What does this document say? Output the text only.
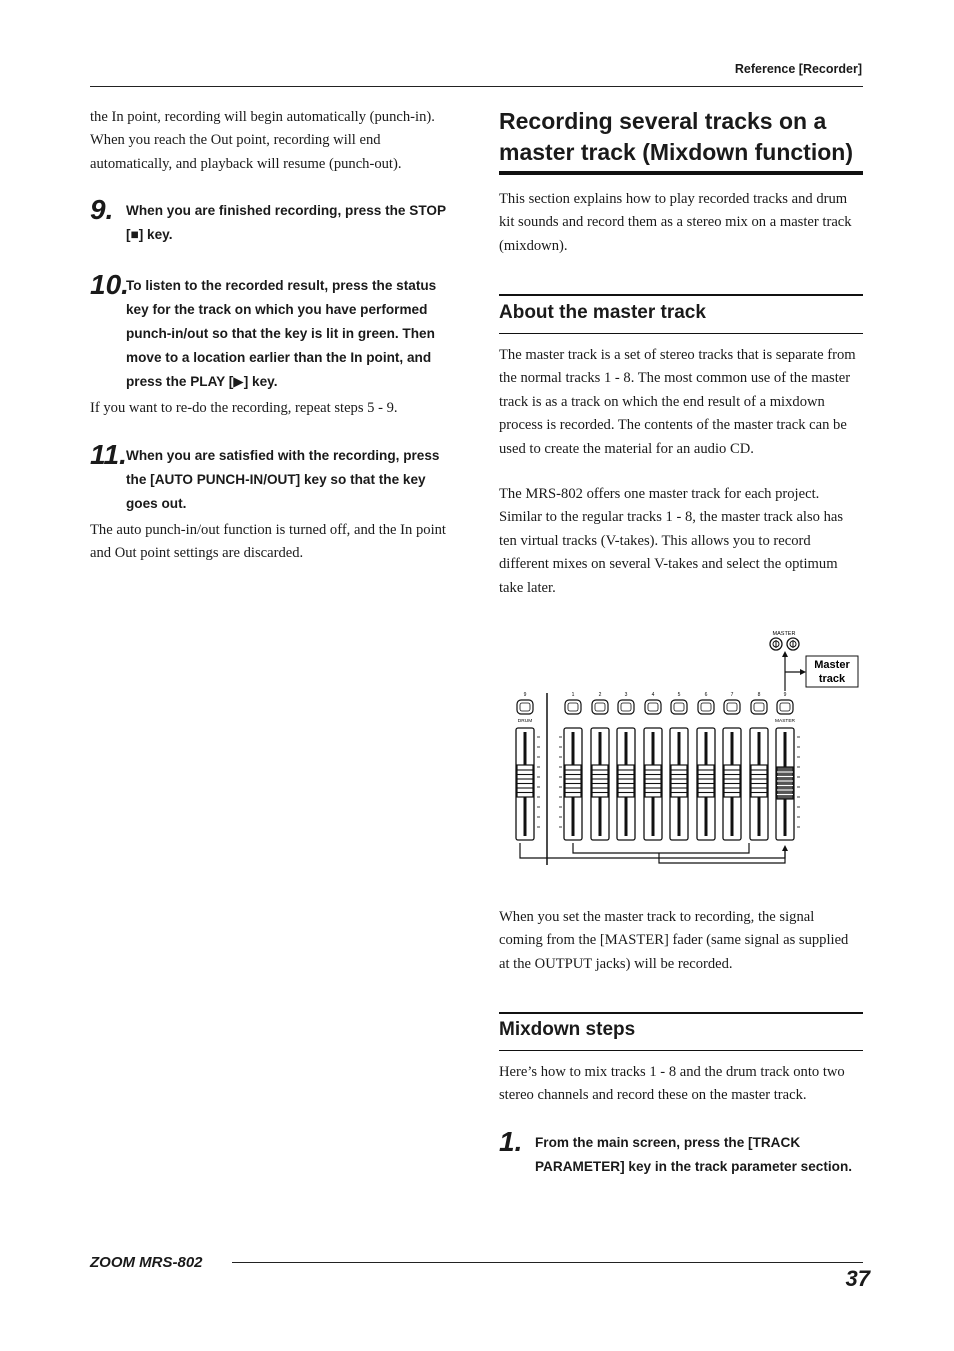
Reference [Recorder]
the In point, recording will begin automatically (punch-in).
When you reach the Out point, recording will end
automatically, and playback will resume (punch-out).
9. When you are finished recording, press the STOP
[■] key.
10.
To listen to the recorded result, press the status
key for the track on which you have performed
punch-in/out so that the key is lit in green. Then
move to a location earlier than the In point, and
press the PLAY [▶] key.
If you want to re-do the recording, repeat steps 5 - 9.
11. When you are satisfied with the recording, press
the [AUTO PUNCH-IN/OUT] key so that the key
goes out.
The auto punch-in/out function is turned off, and the In point
and Out point settings are discarded.
Recording several tracks on a
master track (Mixdown function)
This section explains how to play recorded tracks and drum
kit sounds and record them as a stereo mix on a master track
(mixdown).
About the master track
The master track is a set of stereo tracks that is separate from
the normal tracks 1 - 8. The most common use of the master
track is as a track on which the end result of a mixdown
process is recorded. The contents of the master track can be
used to create the material for an audio CD.
The MRS-802 offers one master track for each project.
Similar to the regular tracks 1 - 8, the master track also has
ten virtual tracks (V-takes). This allows you to record
different mixes on several V-takes and select the optimum
take later.
MASTER
Master
track
9
DRUM
1	2	3	4	5	6	7	8	9
MASTER
When you set the master track to recording, the signal
coming from the [MASTER] fader (same signal as supplied
at the OUTPUT jacks) will be recorded.
Mixdown steps
Here’s how to mix tracks 1 - 8 and the drum track onto two
stereo channels and record these on the master track.
1. From the main screen, press the [TRACK
PARAMETER] key in the track parameter section.
ZOOM MRS-802
37
